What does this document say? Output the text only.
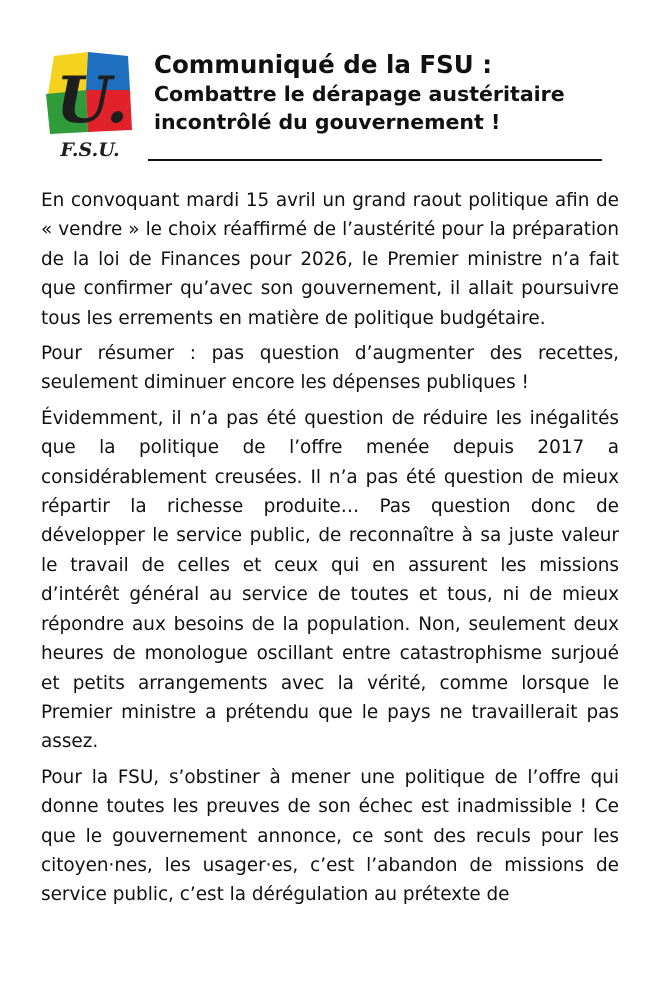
U.
F.S.U.

Communiqué de la FSU :

Combattre le dérapage austéritaire

incontrôlé du gouvernement !

En convoquant mardi 15 avril un grand raout politique afin de « vendre » le choix réaffirmé de l’austérité pour la préparation de la loi de Finances pour 2026, le Premier ministre n’a fait que confirmer qu’avec son gouvernement, il allait poursuivre tous les errements en matière de politique budgétaire.

Pour résumer : pas question d’augmenter des recettes, seulement diminuer encore les dépenses publiques !

Évidemment, il n’a pas été question de réduire les inégalités que la politique de l’offre menée depuis 2017 a considérablement creusées. Il n’a pas été question de mieux répartir la richesse produite… Pas question donc de développer le service public, de reconnaître à sa juste valeur le travail de celles et ceux qui en assurent les missions d’intérêt général au service de toutes et tous, ni de mieux répondre aux besoins de la population. Non, seulement deux heures de monologue oscillant entre catastrophisme surjoué et petits arrangements avec la vérité, comme lorsque le Premier ministre a prétendu que le pays ne travaillerait pas assez.

Pour la FSU, s’obstiner à mener une politique de l’offre qui donne toutes les preuves de son échec est inadmissible ! Ce que le gouvernement annonce, ce sont des reculs pour les citoyen·nes, les usager·es, c’est l’abandon de missions de service public, c’est la dérégulation au prétexte de
